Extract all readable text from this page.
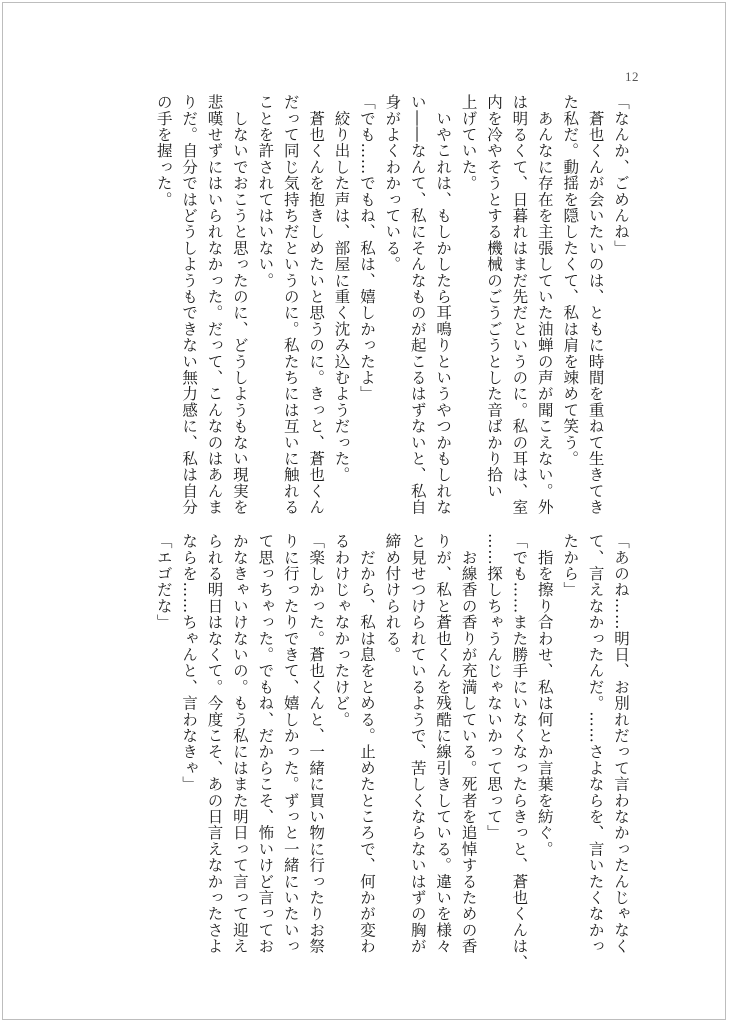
12

「なんか、ごめんね」

　蒼也くんが会いたいのは、ともに時間を重ねて生きてき

た私だ。動揺を隠したくて、私は肩を竦めて笑う。

　あんなに存在を主張していた油蝉の声が聞こえない。外

は明るくて、日暮れはまだ先だというのに。私の耳は、室

内を冷やそうとする機械のごうごうとした音ばかり拾い

上げていた。

　いやこれは、もしかしたら耳鳴りというやつかもしれな

い――なんて、私にそんなものが起こるはずないと、私自

身がよくわかっている。

「でも……でもね、私は、嬉しかったよ」

　絞り出した声は、部屋に重く沈み込むようだった。

　蒼也くんを抱きしめたいと思うのに。きっと、蒼也くん

だって同じ気持ちだというのに。私たちには互いに触れる

ことを許されてはいない。

　しないでおこうと思ったのに、どうしようもない現実を

悲嘆せずにはいられなかった。だって、こんなのはあんま

りだ。自分ではどうしようもできない無力感に、私は自分

の手を握った。

「あのね……明日、お別れだって言わなかったんじゃなく

て、言えなかったんだ。……さよならを、言いたくなかっ

たから」

　指を擦り合わせ、私は何とか言葉を紡ぐ。

「でも……また勝手にいなくなったらきっと、蒼也くんは、

……探しちゃうんじゃないかって思って」

　お線香の香りが充満している。死者を追悼するための香

りが、私と蒼也くんを残酷に線引きしている。違いを様々

と見せつけられているようで、苦しくならないはずの胸が

締め付けられる。

　だから、私は息をとめる。止めたところで、何かが変わ

るわけじゃなかったけど。

「楽しかった。蒼也くんと、一緒に買い物に行ったりお祭

りに行ったりできて、嬉しかった。ずっと一緒にいたいっ

て思っちゃった。でもね、だからこそ、怖いけど言ってお

かなきゃいけないの。もう私にはまた明日って言って迎え

られる明日はなくて。今度こそ、あの日言えなかったさよ

ならを……ちゃんと、言わなきゃ」

「エゴだな」
